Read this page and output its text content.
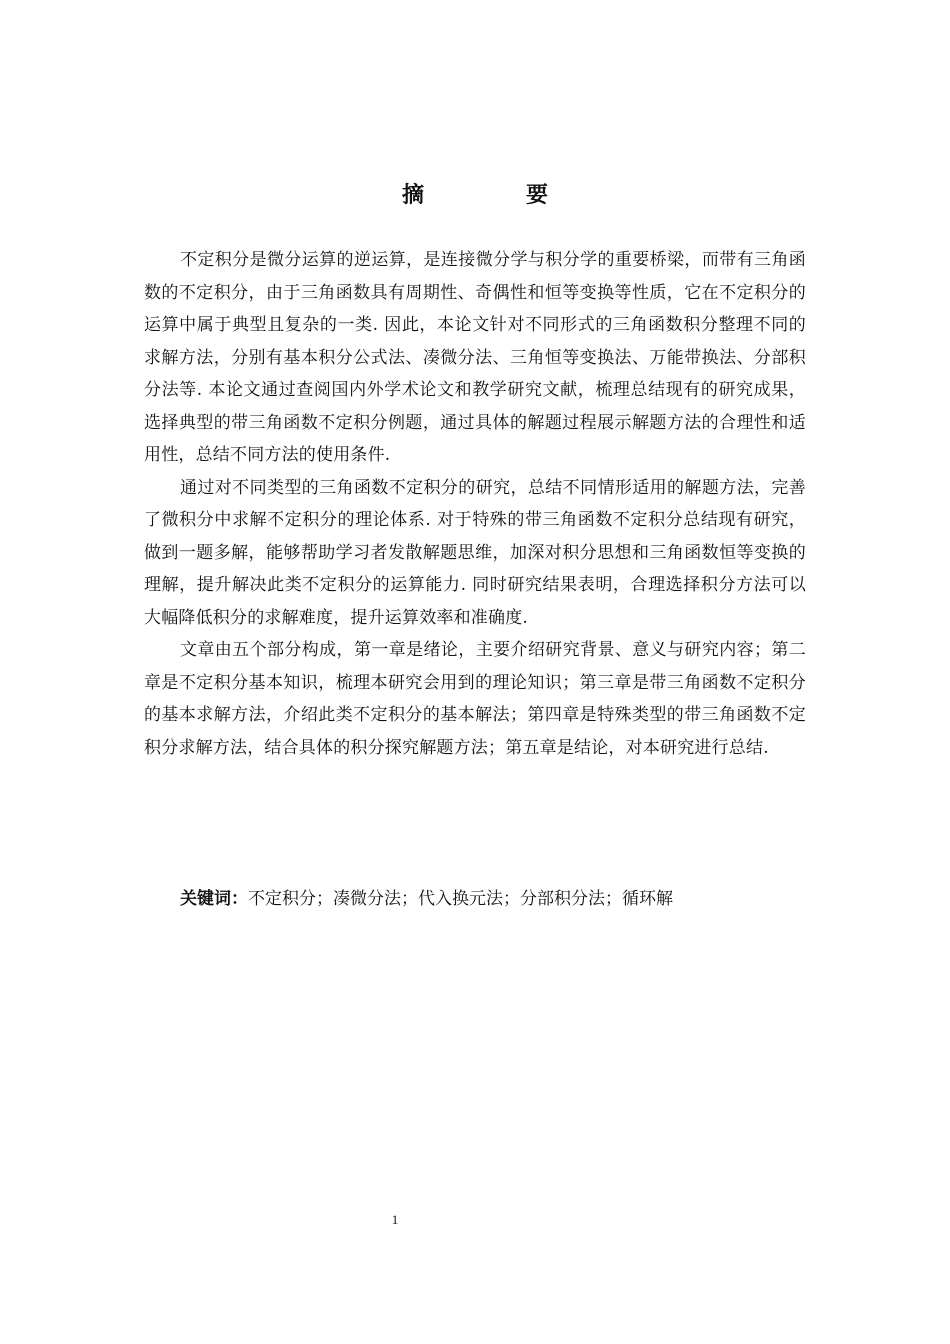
摘　要

不定积分是微分运算的逆运算，是连接微分学与积分学的重要桥梁，而带有三角函数的不定积分，由于三角函数具有周期性、奇偶性和恒等变换等性质，它在不定积分的运算中属于典型且复杂的一类. 因此，本论文针对不同形式的三角函数积分整理不同的求解方法，分别有基本积分公式法、凑微分法、三角恒等变换法、万能带换法、分部积分法等. 本论文通过查阅国内外学术论文和教学研究文献，梳理总结现有的研究成果，选择典型的带三角函数不定积分例题，通过具体的解题过程展示解题方法的合理性和适用性，总结不同方法的使用条件.

通过对不同类型的三角函数不定积分的研究，总结不同情形适用的解题方法，完善了微积分中求解不定积分的理论体系. 对于特殊的带三角函数不定积分总结现有研究，做到一题多解，能够帮助学习者发散解题思维，加深对积分思想和三角函数恒等变换的理解，提升解决此类不定积分的运算能力. 同时研究结果表明，合理选择积分方法可以大幅降低积分的求解难度，提升运算效率和准确度.

文章由五个部分构成，第一章是绪论，主要介绍研究背景、意义与研究内容；第二章是不定积分基本知识，梳理本研究会用到的理论知识；第三章是带三角函数不定积分的基本求解方法，介绍此类不定积分的基本解法；第四章是特殊类型的带三角函数不定积分求解方法，结合具体的积分探究解题方法；第五章是结论，对本研究进行总结.

关键词：不定积分；凑微分法；代入换元法；分部积分法；循环解
1
